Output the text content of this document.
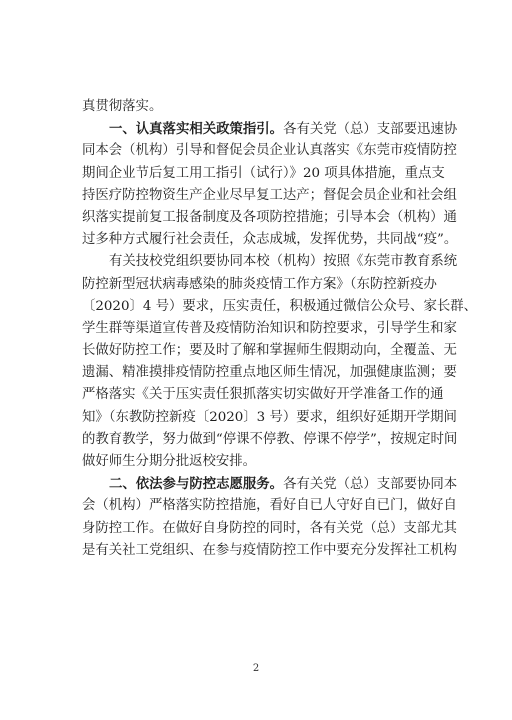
真贯彻落实。
一、认真落实相关政策指引。各有关党（总）支部要迅速协
同本会（机构）引导和督促会员企业认真落实《东莞市疫情防控
期间企业节后复工用工指引（试行）》20 项具体措施，重点支
持医疗防控物资生产企业尽早复工达产；督促会员企业和社会组
织落实提前复工报备制度及各项防控措施；引导本会（机构）通
过多种方式履行社会责任，众志成城，发挥优势，共同战“疫”。
有关技校党组织要协同本校（机构）按照《东莞市教育系统
防控新型冠状病毒感染的肺炎疫情工作方案》（东防控新疫办
〔2020〕4 号）要求，压实责任，积极通过微信公众号、家长群、
学生群等渠道宣传普及疫情防治知识和防控要求，引导学生和家
长做好防控工作；要及时了解和掌握师生假期动向，全覆盖、无
遗漏、精准摸排疫情防控重点地区师生情况，加强健康监测；要
严格落实《关于压实责任狠抓落实切实做好开学准备工作的通
知》（东教防控新疫〔2020〕3 号）要求，组织好延期开学期间
的教育教学，努力做到“停课不停教、停课不停学”，按规定时间
做好师生分期分批返校安排。
二、依法参与防控志愿服务。各有关党（总）支部要协同本
会（机构）严格落实防控措施，看好自已人守好自已门，做好自
身防控工作。在做好自身防控的同时，各有关党（总）支部尤其
是有关社工党组织、在参与疫情防控工作中要充分发挥社工机构
2
